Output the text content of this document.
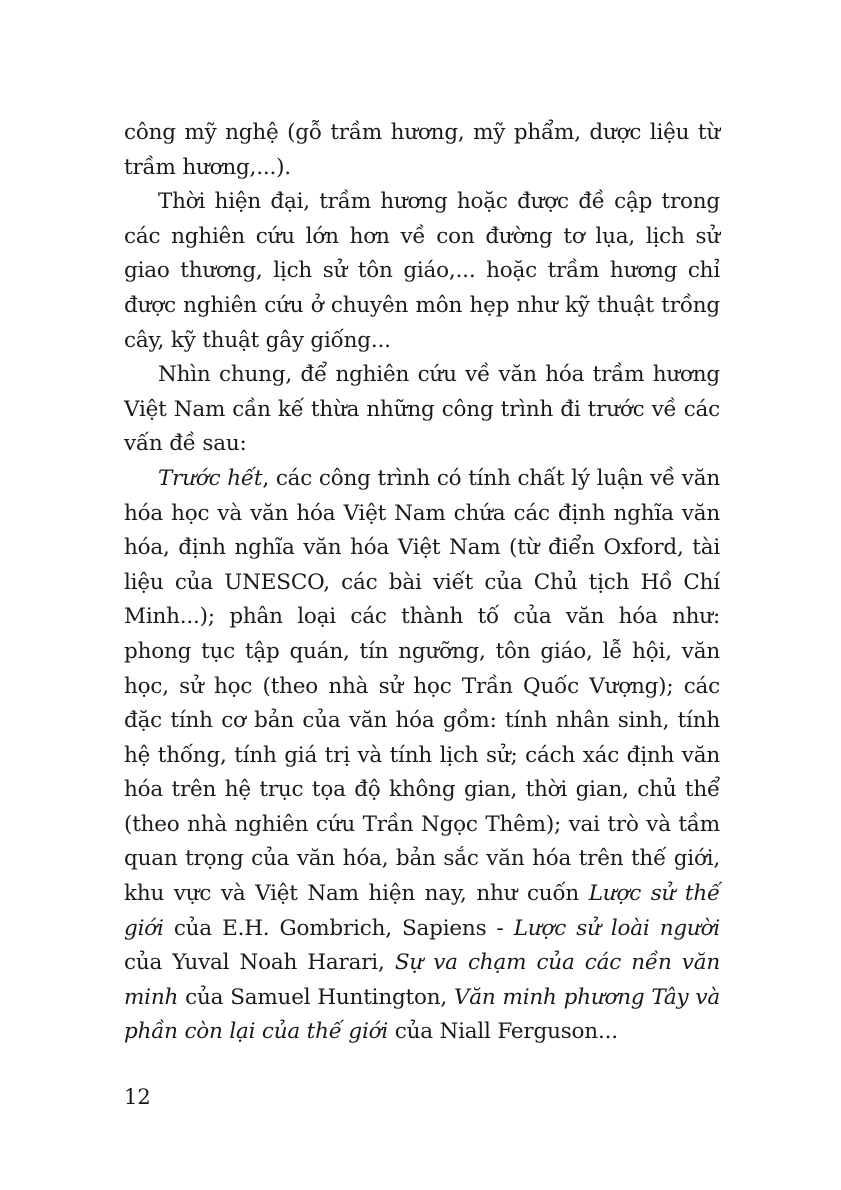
công mỹ nghệ (gỗ trầm hương, mỹ phẩm, dược liệu từ trầm hương,...).

Thời hiện đại, trầm hương hoặc được đề cập trong các nghiên cứu lớn hơn về con đường tơ lụa, lịch sử giao thương, lịch sử tôn giáo,... hoặc trầm hương chỉ được nghiên cứu ở chuyên môn hẹp như kỹ thuật trồng cây, kỹ thuật gây giống...

Nhìn chung, để nghiên cứu về văn hóa trầm hương Việt Nam cần kế thừa những công trình đi trước về các vấn đề sau:

Trước hết, các công trình có tính chất lý luận về văn hóa học và văn hóa Việt Nam chứa các định nghĩa văn hóa, định nghĩa văn hóa Việt Nam (từ điển Oxford, tài liệu của UNESCO, các bài viết của Chủ tịch Hồ Chí Minh...); phân loại các thành tố của văn hóa như: phong tục tập quán, tín ngưỡng, tôn giáo, lễ hội, văn học, sử học (theo nhà sử học Trần Quốc Vượng); các đặc tính cơ bản của văn hóa gồm: tính nhân sinh, tính hệ thống, tính giá trị và tính lịch sử; cách xác định văn hóa trên hệ trục tọa độ không gian, thời gian, chủ thể (theo nhà nghiên cứu Trần Ngọc Thêm); vai trò và tầm quan trọng của văn hóa, bản sắc văn hóa trên thế giới, khu vực và Việt Nam hiện nay, như cuốn Lược sử thế giới của E.H. Gombrich, Sapiens - Lược sử loài người của Yuval Noah Harari, Sự va chạm của các nền văn minh của Samuel Huntington, Văn minh phương Tây và phần còn lại của thế giới của Niall Ferguson...

12
